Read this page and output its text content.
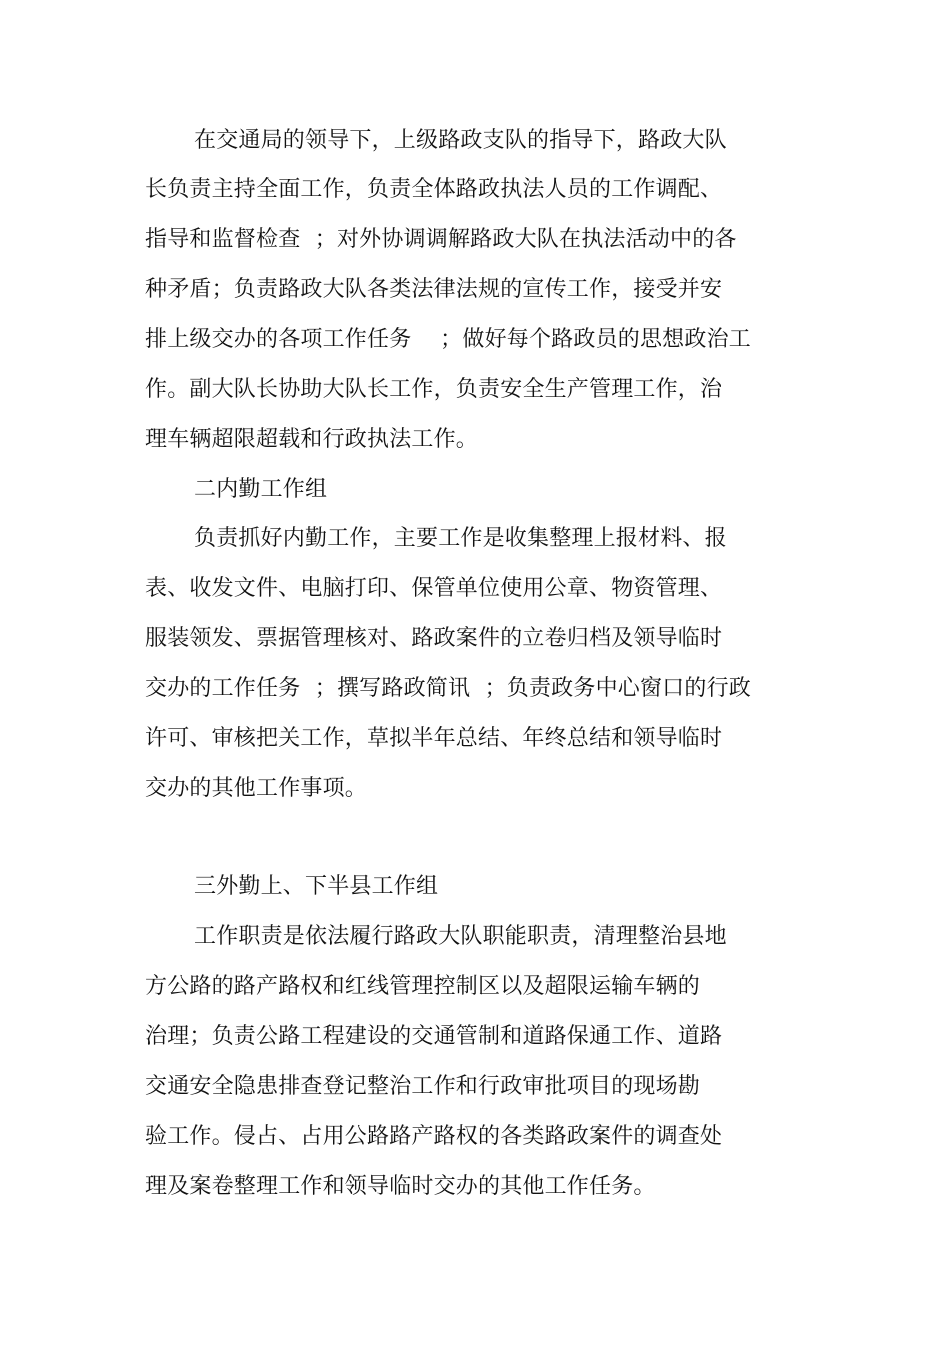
在交通局的领导下，上级路政支队的指导下，路政大队
长负责主持全面工作，负责全体路政执法人员的工作调配、
指导和监督检查  ；对外协调调解路政大队在执法活动中的各
种矛盾；负责路政大队各类法律法规的宣传工作，接受并安
排上级交办的各项工作任务    ；做好每个路政员的思想政治工
作。副大队长协助大队长工作，负责安全生产管理工作，治
理车辆超限超载和行政执法工作。
二内勤工作组
负责抓好内勤工作，主要工作是收集整理上报材料、报
表、收发文件、电脑打印、保管单位使用公章、物资管理、
服装领发、票据管理核对、路政案件的立卷归档及领导临时
交办的工作任务  ；撰写路政简讯  ；负责政务中心窗口的行政
许可、审核把关工作，草拟半年总结、年终总结和领导临时
交办的其他工作事项。
三外勤上、下半县工作组
工作职责是依法履行路政大队职能职责，清理整治县地
方公路的路产路权和红线管理控制区以及超限运输车辆的
治理；负责公路工程建设的交通管制和道路保通工作、道路
交通安全隐患排查登记整治工作和行政审批项目的现场勘
验工作。侵占、占用公路路产路权的各类路政案件的调查处
理及案卷整理工作和领导临时交办的其他工作任务。
